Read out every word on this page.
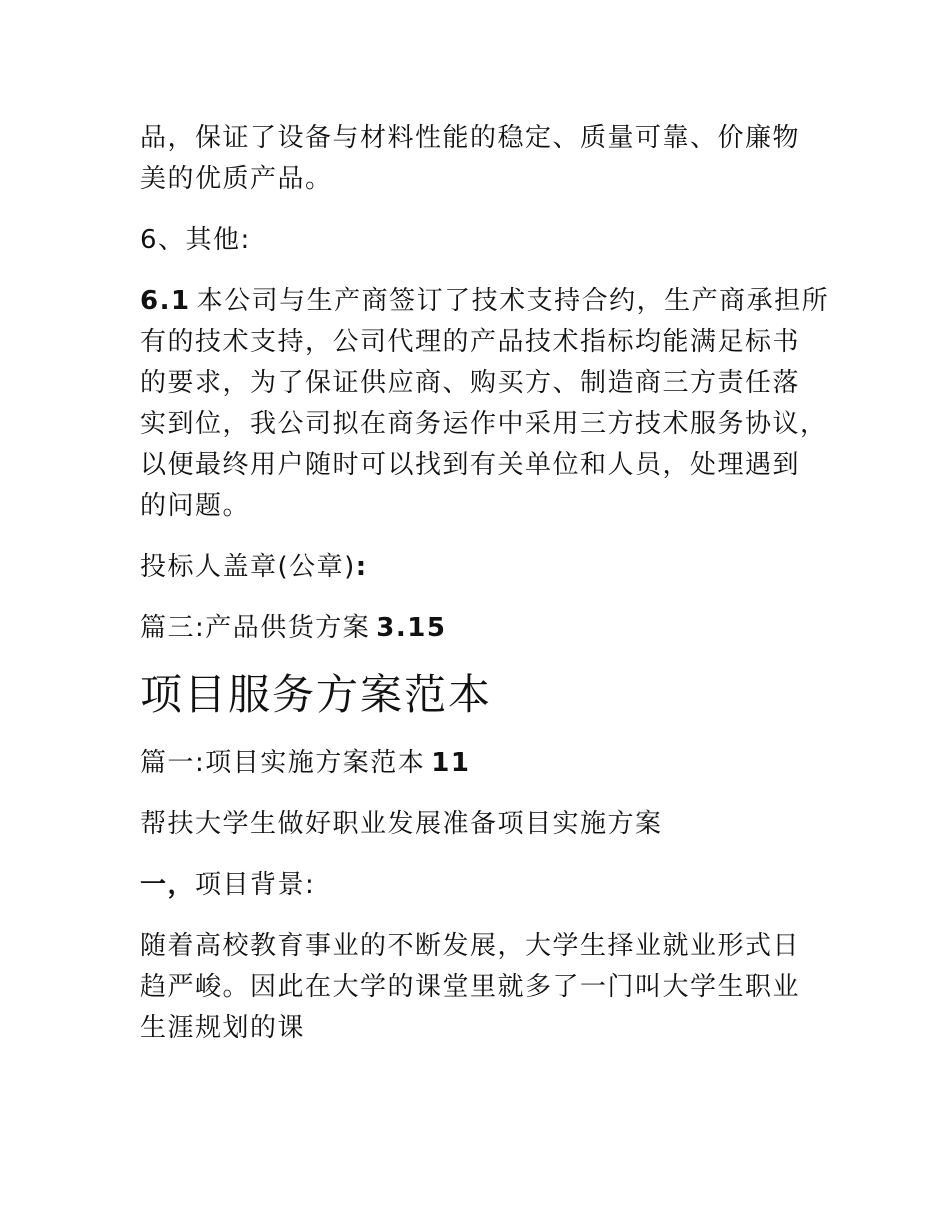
品，保证了设备与材料性能的稳定、质量可靠、价廉物
美的优质产品。

6、其他:

6.1 本公司与生产商签订了技术支持合约，生产商承担所
有的技术支持，公司代理的产品技术指标均能满足标书
的要求，为了保证供应商、购买方、制造商三方责任落
实到位，我公司拟在商务运作中采用三方技术服务协议，
以便最终用户随时可以找到有关单位和人员，处理遇到
的问题。

投标人盖章(公章):

篇三:产品供货方案 3.15

项目服务方案范本

篇一:项目实施方案范本 11

帮扶大学生做好职业发展准备项目实施方案

一，项目背景:

随着高校教育事业的不断发展，大学生择业就业形式日
趋严峻。因此在大学的课堂里就多了一门叫大学生职业
生涯规划的课
